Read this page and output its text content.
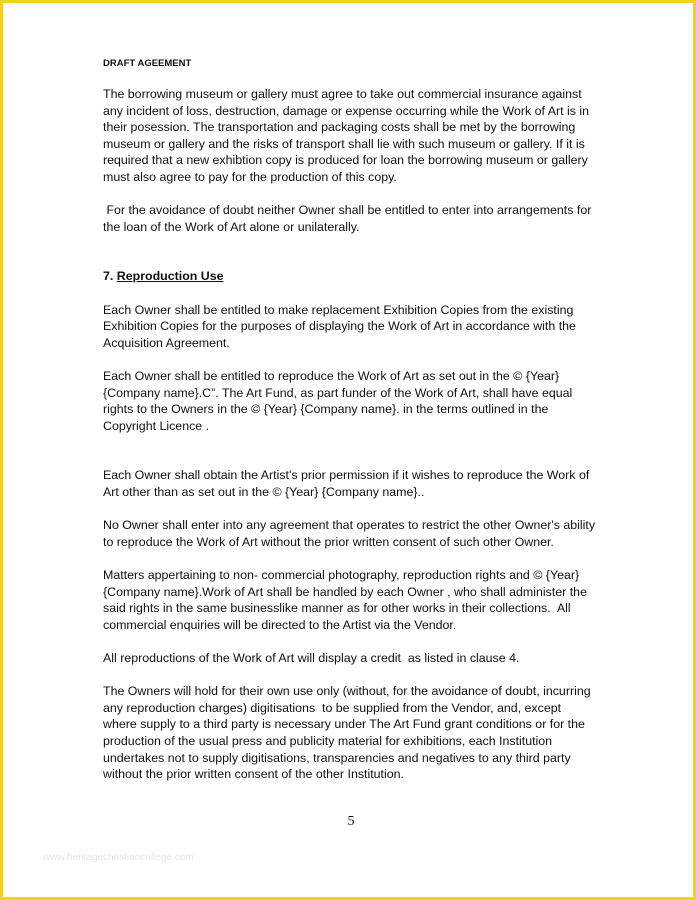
DRAFT AGEEMENT

The borrowing museum or gallery must agree to take out commercial insurance against any incident of loss, destruction, damage or expense occurring while the Work of Art is in their posession. The transportation and packaging costs shall be met by the borrowing museum or gallery and the risks of transport shall lie with such museum or gallery. If it is required that a new exhibtion copy is produced for loan the borrowing museum or gallery must also agree to pay for the production of this copy.

For the avoidance of doubt neither Owner shall be entitled to enter into arrangements for the loan of the Work of Art alone or unilaterally.

7. Reproduction Use

Each Owner shall be entitled to make replacement Exhibition Copies from the existing Exhibition Copies for the purposes of displaying the Work of Art in accordance with the Acquisition Agreement.

Each Owner shall be entitled to reproduce the Work of Art as set out in the © {Year} {Company name}.C”. The Art Fund, as part funder of the Work of Art, shall have equal rights to the Owners in the © {Year} {Company name}. in the terms outlined in the Copyright Licence .

Each Owner shall obtain the Artist's prior permission if it wishes to reproduce the Work of Art other than as set out in the © {Year} {Company name}..

No Owner shall enter into any agreement that operates to restrict the other Owner's ability to reproduce the Work of Art without the prior written consent of such other Owner.

Matters appertaining to non- commercial photography, reproduction rights and © {Year} {Company name}.Work of Art shall be handled by each Owner , who shall administer the said rights in the same businesslike manner as for other works in their collections.  All commercial enquiries will be directed to the Artist via the Vendor.

All reproductions of the Work of Art will display a credit  as listed in clause 4.

The Owners will hold for their own use only (without, for the avoidance of doubt, incurring any reproduction charges) digitisations  to be supplied from the Vendor, and, except where supply to a third party is necessary under The Art Fund grant conditions or for the production of the usual press and publicity material for exhibitions, each Institution undertakes not to supply digitisations, transparencies and negatives to any third party without the prior written consent of the other Institution.

5
www.heritagechristiancollege.com
